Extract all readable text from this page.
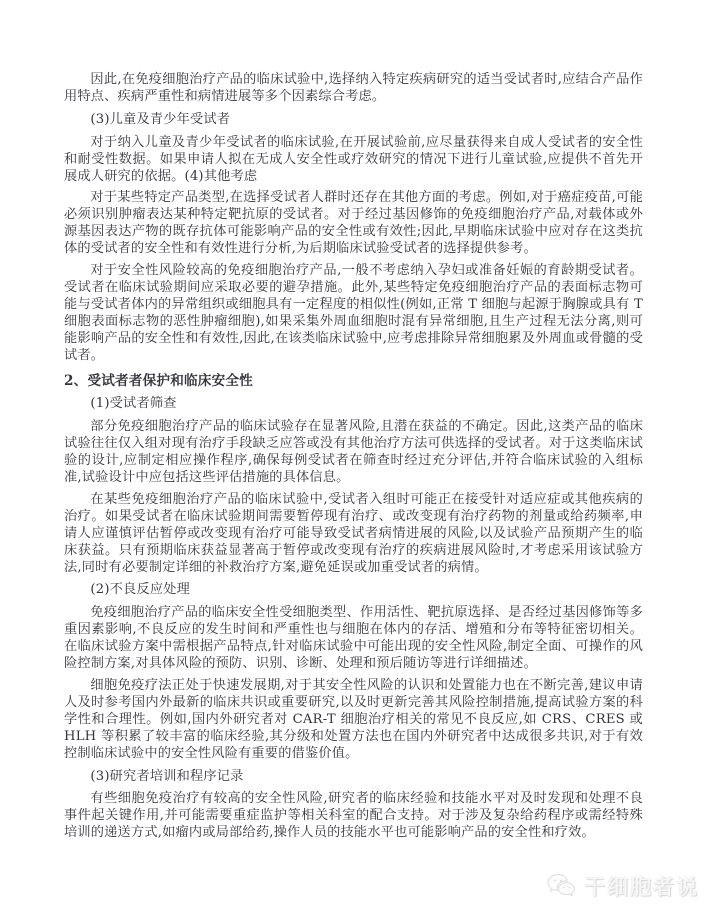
因此,在免疫细胞治疗产品的临床试验中,选择纳入特定疾病研究的适当受试者时,应结合产品作用特点、疾病严重性和病情进展等多个因素综合考虑。

(3)儿童及青少年受试者

对于纳入儿童及青少年受试者的临床试验,在开展试验前,应尽量获得来自成人受试者的安全性和耐受性数据。如果申请人拟在无成人安全性或疗效研究的情况下进行儿童试验,应提供不首先开展成人研究的依据。(4)其他考虑

对于某些特定产品类型,在选择受试者人群时还存在其他方面的考虑。例如,对于癌症疫苗,可能必须识别肿瘤表达某种特定靶抗原的受试者。对于经过基因修饰的免疫细胞治疗产品,对载体或外源基因表达产物的既存抗体可能影响产品的安全性或有效性;因此,早期临床试验中应对存在这类抗体的受试者的安全性和有效性进行分析,为后期临床试验受试者的选择提供参考。

对于安全性风险较高的免疫细胞治疗产品,一般不考虑纳入孕妇或准备妊娠的育龄期受试者。受试者在临床试验期间应采取必要的避孕措施。此外,某些特定免疫细胞治疗产品的表面标志物可能与受试者体内的异常组织或细胞具有一定程度的相似性(例如,正常 T 细胞与起源于胸腺或具有 T 细胞表面标志物的恶性肿瘤细胞),如果采集外周血细胞时混有异常细胞,且生产过程无法分离,则可能影响产品的安全性和有效性,因此,在该类临床试验中,应考虑排除异常细胞累及外周血或骨髓的受试者。

2、受试者者保护和临床安全性

(1)受试者筛查

部分免疫细胞治疗产品的临床试验存在显著风险,且潜在获益的不确定。因此,这类产品的临床试验往往仅入组对现有治疗手段缺乏应答或没有其他治疗方法可供选择的受试者。对于这类临床试验的设计,应制定相应操作程序,确保每例受试者在筛查时经过充分评估,并符合临床试验的入组标准,试验设计中应包括这些评估措施的具体信息。

在某些免疫细胞治疗产品的临床试验中,受试者入组时可能正在接受针对适应症或其他疾病的治疗。如果受试者在临床试验期间需要暂停现有治疗、或改变现有治疗药物的剂量或给药频率,申请人应谨慎评估暂停或改变现有治疗可能导致受试者病情进展的风险,以及试验产品预期产生的临床获益。只有预期临床获益显著高于暂停或改变现有治疗的疾病进展风险时,才考虑采用该试验方法,同时有必要制定详细的补救治疗方案,避免延误或加重受试者的病情。

(2)不良反应处理

免疫细胞治疗产品的临床安全性受细胞类型、作用活性、靶抗原选择、是否经过基因修饰等多重因素影响,不良反应的发生时间和严重性也与细胞在体内的存活、增殖和分布等特征密切相关。在临床试验方案中需根据产品特点,针对临床试验中可能出现的安全性风险,制定全面、可操作的风险控制方案,对具体风险的预防、识别、诊断、处理和预后随访等进行详细描述。

细胞免疫疗法正处于快速发展期,对于其安全性风险的认识和处置能力也在不断完善,建议申请人及时参考国内外最新的临床共识或重要研究,以及时更新完善其风险控制措施,提高试验方案的科学性和合理性。例如,国内外研究者对 CAR-T 细胞治疗相关的常见不良反应,如 CRS、CRES 或 HLH 等积累了较丰富的临床经验,其分级和处置方法也在国内外研究者中达成很多共识,对于有效控制临床试验中的安全性风险有重要的借鉴价值。

(3)研究者培训和程序记录

有些细胞免疫治疗有较高的安全性风险,研究者的临床经验和技能水平对及时发现和处理不良事件起关键作用,并可能需要重症监护等相关科室的配合支持。对于涉及复杂给药程序或需经特殊培训的递送方式,如瘤内或局部给药,操作人员的技能水平也可能影响产品的安全性和疗效。

干细胞者说
